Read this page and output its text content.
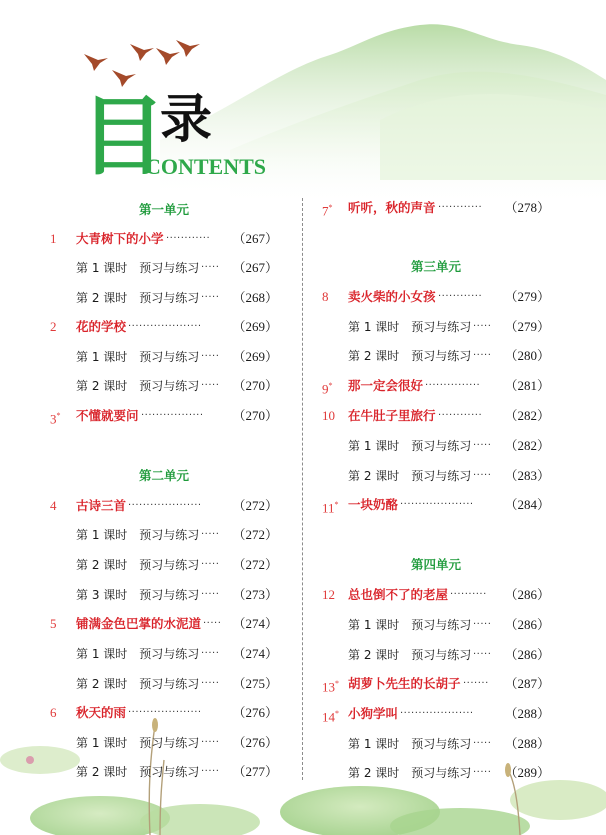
目
录
CONTENTS
第一单元
1 大青树下的小学 ············	（267）
第 1 课时　预习与练习 ·····	（267）
第 2 课时　预习与练习 ·····	（268）
2 花的学校 ····················	（269）
第 1 课时　预习与练习 ·····	（269）
第 2 课时　预习与练习 ·····	（270）
3* 不懂就要问 ·················	（270）
第二单元
4 古诗三首 ····················	（272）
第 1 课时　预习与练习 ·····	（272）
第 2 课时　预习与练习 ·····	（272）
第 3 课时　预习与练习 ·····	（273）
5 铺满金色巴掌的水泥道 ····· （274）
第 1 课时　预习与练习 ·····	（274）
第 2 课时　预习与练习 ·····	（275）
6 秋天的雨 ····················	（276）
第 1 课时　预习与练习 ·····	（276）
第 2 课时　预习与练习 ·····	（277）
7* 听听，秋的声音 ············	（278）
第三单元
8 卖火柴的小女孩 ············	（279）
第 1 课时　预习与练习 ·····	（279）
第 2 课时　预习与练习 ·····	（280）
9* 那一定会很好 ···············	（281）
10 在牛肚子里旅行 ············	（282）
第 1 课时　预习与练习 ·····	（282）
第 2 课时　预习与练习 ·····	（283）
11* 一块奶酪 ····················	（284）
第四单元
12 总也倒不了的老屋 ··········	（286）
第 1 课时　预习与练习 ·····	（286）
第 2 课时　预习与练习 ·····	（286）
13* 胡萝卜先生的长胡子 ·······	（287）
14* 小狗学叫 ····················	（288）
第 1 课时　预习与练习 ·····	（288）
第 2 课时　预习与练习 ·····	（289）
